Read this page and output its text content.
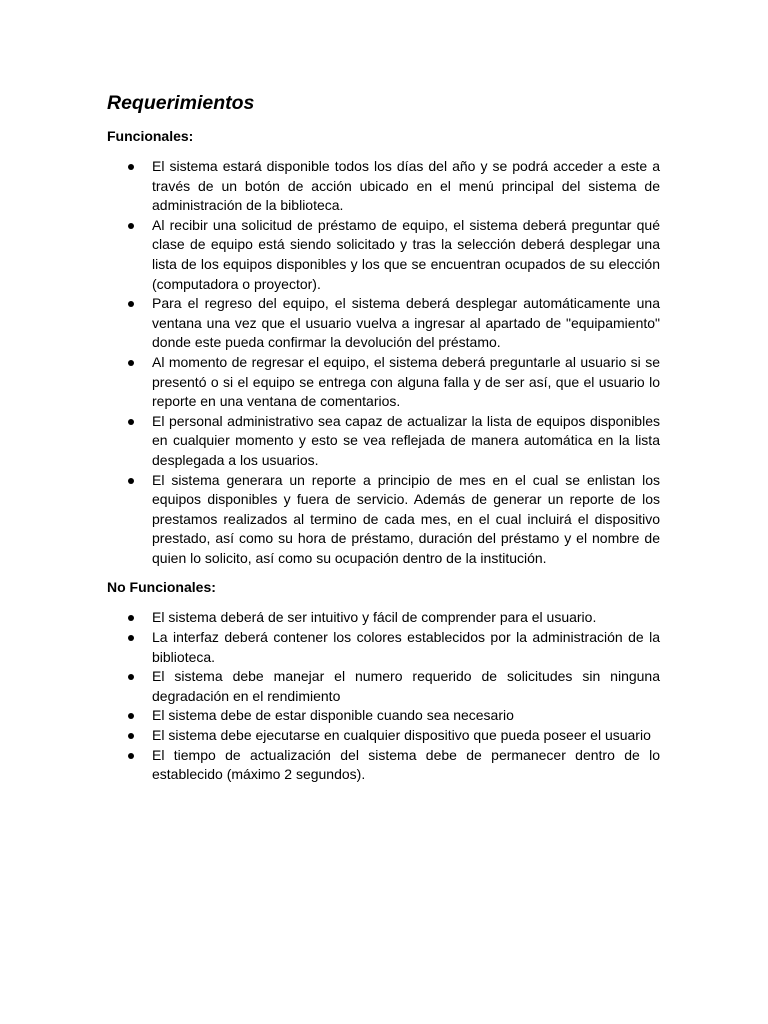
Requerimientos
Funcionales:
El sistema estará disponible todos los días del año y se podrá acceder a este a través de un botón de acción ubicado en el menú principal del sistema de administración de la biblioteca.
Al recibir una solicitud de préstamo de equipo, el sistema deberá preguntar qué clase de equipo está siendo solicitado y tras la selección deberá desplegar una lista de los equipos disponibles y los que se encuentran ocupados de su elección (computadora o proyector).
Para el regreso del equipo, el sistema deberá desplegar automáticamente una ventana una vez que el usuario vuelva a ingresar al apartado de "equipamiento" donde este pueda confirmar la devolución del préstamo.
Al momento de regresar el equipo, el sistema deberá preguntarle al usuario si se presentó o si el equipo se entrega con alguna falla y de ser así, que el usuario lo reporte en una ventana de comentarios.
El personal administrativo sea capaz de actualizar la lista de equipos disponibles en cualquier momento y esto se vea reflejada de manera automática en la lista desplegada a los usuarios.
El sistema generara un reporte a principio de mes en el cual se enlistan los equipos disponibles y fuera de servicio. Además de generar un reporte de los prestamos realizados al termino de cada mes, en el cual incluirá el dispositivo prestado, así como su hora de préstamo, duración del préstamo y el nombre de quien lo solicito, así como su ocupación dentro de la institución.
No Funcionales:
El sistema deberá de ser intuitivo y fácil de comprender para el usuario.
La interfaz deberá contener los colores establecidos por la administración de la biblioteca.
El sistema debe manejar el numero requerido de solicitudes sin ninguna degradación en el rendimiento
El sistema debe de estar disponible cuando sea necesario
El sistema debe ejecutarse en cualquier dispositivo que pueda poseer el usuario
El tiempo de actualización del sistema debe de permanecer dentro de lo establecido (máximo 2 segundos).
